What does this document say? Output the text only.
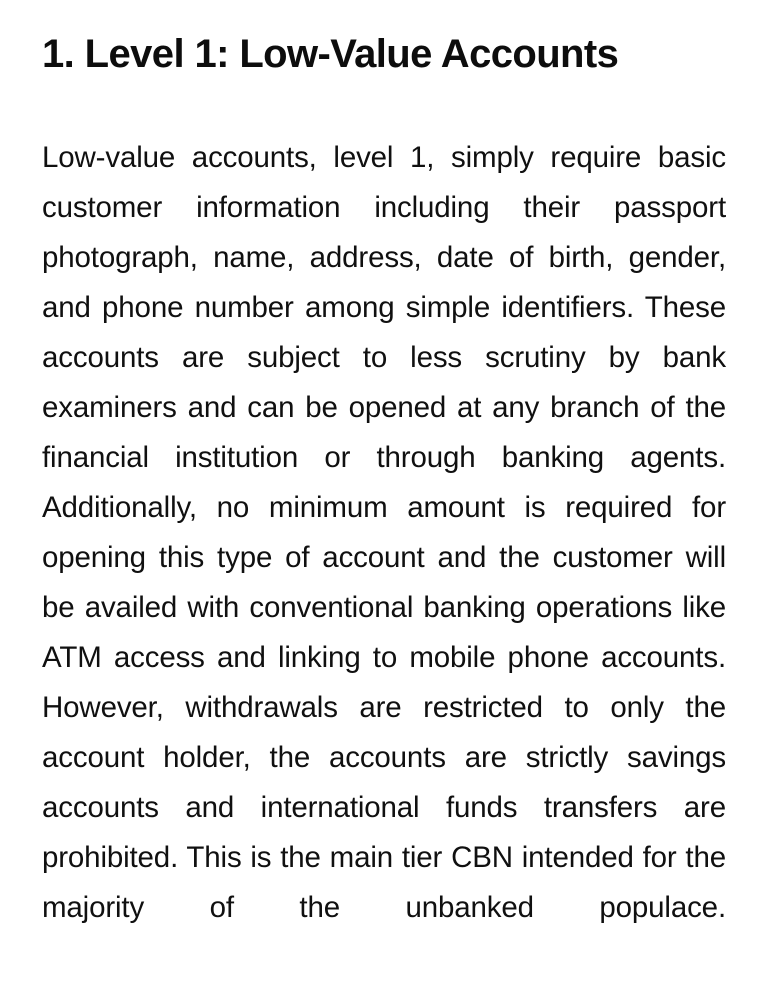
1. Level 1: Low-Value Accounts

Low-value accounts, level 1, simply require basic customer information including their passport photograph, name, address, date of birth, gender, and phone number among simple identifiers. These accounts are subject to less scrutiny by bank examiners and can be opened at any branch of the financial institution or through banking agents. Additionally, no minimum amount is required for opening this type of account and the customer will be availed with conventional banking operations like ATM access and linking to mobile phone accounts. However, withdrawals are restricted to only the account holder, the accounts are strictly savings accounts and international funds transfers are prohibited. This is the main tier CBN intended for the majority of the unbanked populace.
